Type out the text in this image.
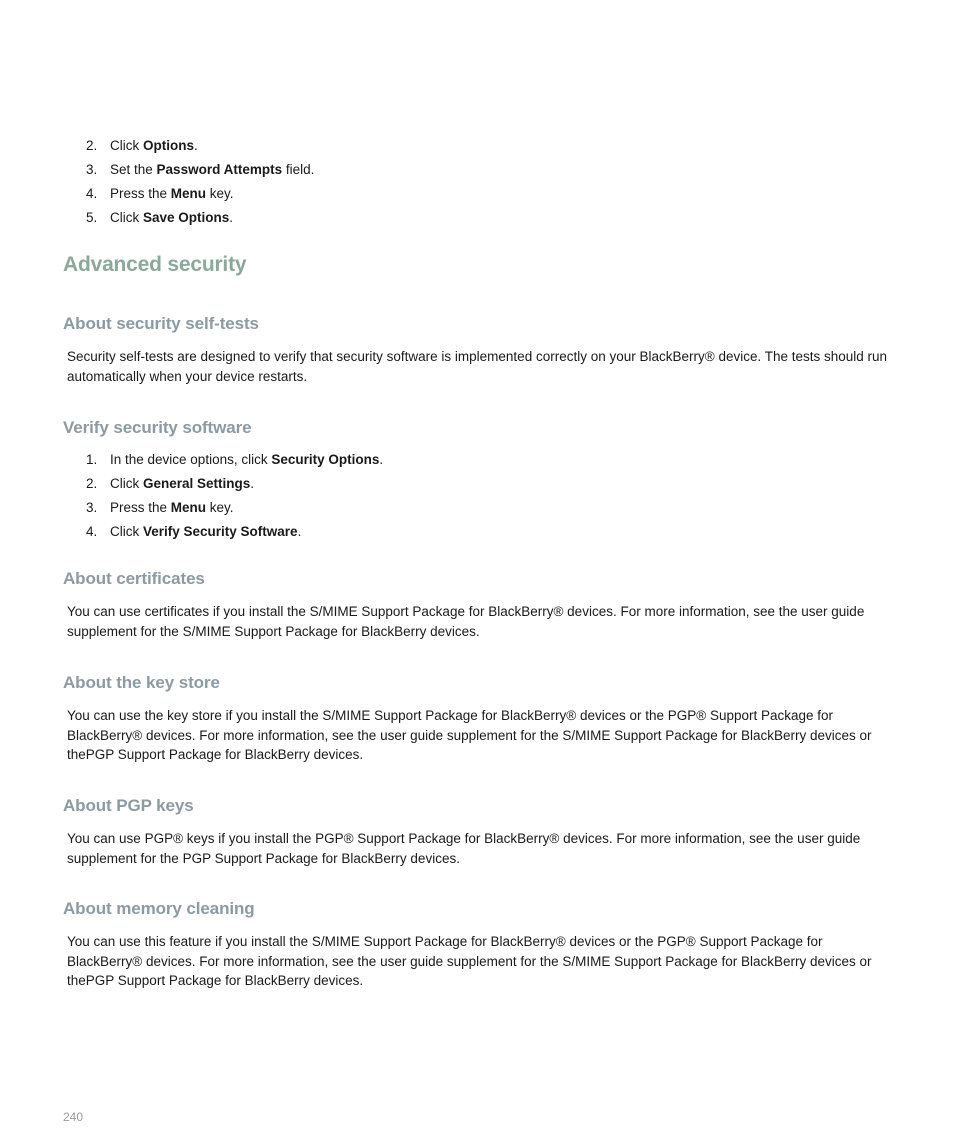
2. Click Options.
3. Set the Password Attempts field.
4. Press the Menu key.
5. Click Save Options.
Advanced security
About security self-tests

Security self-tests are designed to verify that security software is implemented correctly on your BlackBerry® device. The tests should run automatically when your device restarts.

Verify security software
1. In the device options, click Security Options.
2. Click General Settings.
3. Press the Menu key.
4. Click Verify Security Software.
About certificates

You can use certificates if you install the S/MIME Support Package for BlackBerry® devices. For more information, see the user guide supplement for the S/MIME Support Package for BlackBerry devices.

About the key store

You can use the key store if you install the S/MIME Support Package for BlackBerry® devices or the PGP® Support Package for BlackBerry® devices. For more information, see the user guide supplement for the S/MIME Support Package for BlackBerry devices or thePGP Support Package for BlackBerry devices.

About PGP keys

You can use PGP® keys if you install the PGP® Support Package for BlackBerry® devices. For more information, see the user guide supplement for the PGP Support Package for BlackBerry devices.

About memory cleaning

You can use this feature if you install the S/MIME Support Package for BlackBerry® devices or the PGP® Support Package for BlackBerry® devices. For more information, see the user guide supplement for the S/MIME Support Package for BlackBerry devices or thePGP Support Package for BlackBerry devices.

240
